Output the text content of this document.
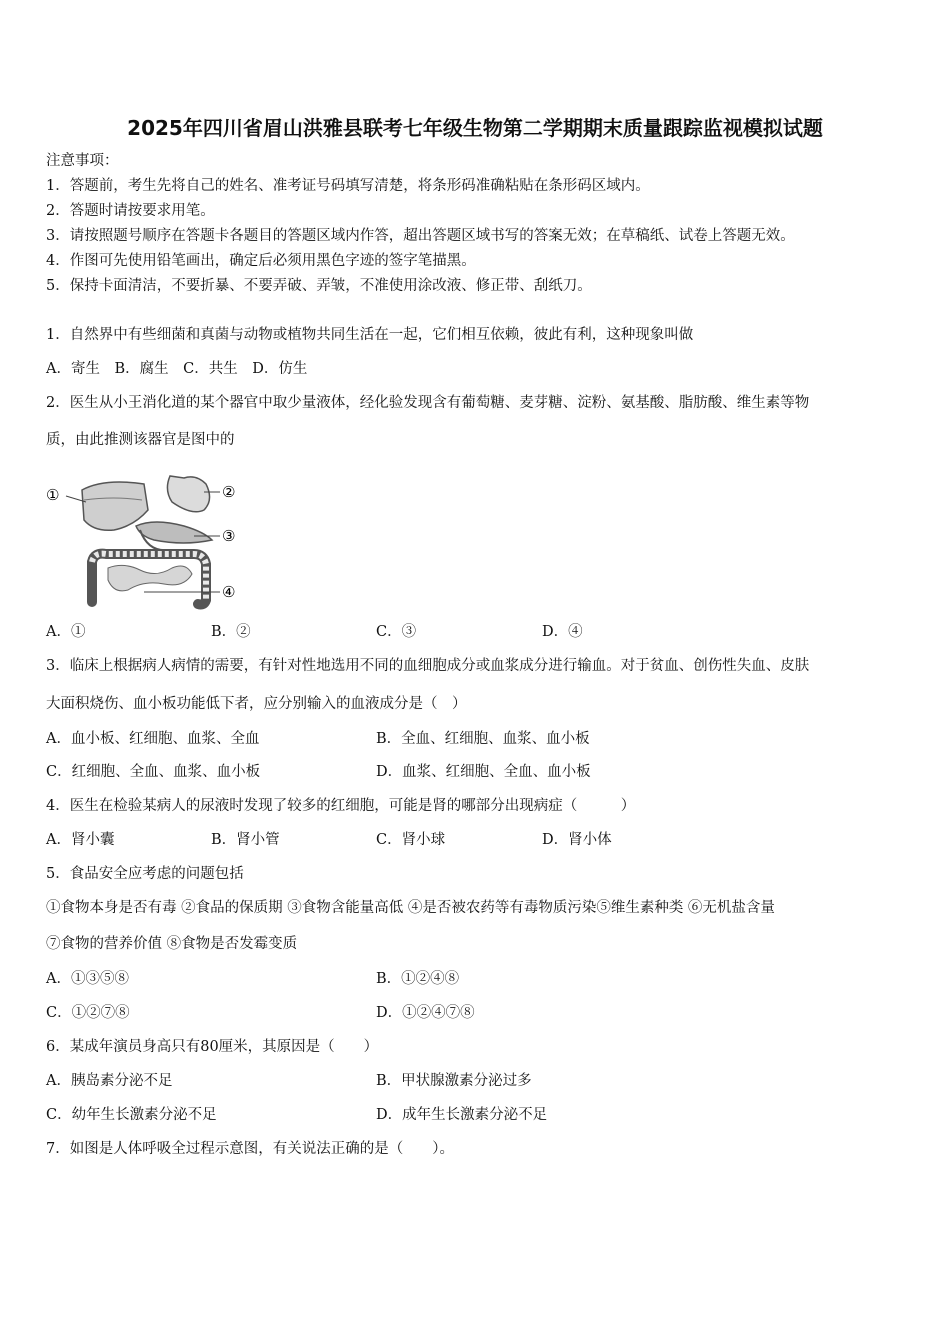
2025年四川省眉山洪雅县联考七年级生物第二学期期末质量跟踪监视模拟试题
注意事项：
1．答题前，考生先将自己的姓名、准考证号码填写清楚，将条形码准确粘贴在条形码区域内。
2．答题时请按要求用笔。
3．请按照题号顺序在答题卡各题目的答题区域内作答，超出答题区域书写的答案无效；在草稿纸、试卷上答题无效。
4．作图可先使用铅笔画出，确定后必须用黑色字迹的签字笔描黑。
5．保持卡面清洁，不要折暴、不要弄破、弄皱，不准使用涂改液、修正带、刮纸刀。
1．自然界中有些细菌和真菌与动物或植物共同生活在一起，它们相互依赖，彼此有利，这种现象叫做
A．寄生　B．腐生　C．共生　D．仿生
2．医生从小王消化道的某个器官中取少量液体，经化验发现含有葡萄糖、麦芽糖、淀粉、氨基酸、脂肪酸、维生素等物
质，由此推测该器官是图中的
①	②
③
④
A．①	B．②	C．③	D．④
3．临床上根据病人病情的需要，有针对性地选用不同的血细胞成分或血浆成分进行输血。对于贫血、创伤性失血、皮肤
大面积烧伤、血小板功能低下者，应分别输入的血液成分是（　）
A．血小板、红细胞、血浆、全血	B．全血、红细胞、血浆、血小板
C．红细胞、全血、血浆、血小板	D．血浆、红细胞、全血、血小板
4．医生在检验某病人的尿液时发现了较多的红细胞，可能是肾的哪部分出现病症（　　　）
A．肾小囊	B．肾小管	C．肾小球	D．肾小体
5．食品安全应考虑的问题包括
①食物本身是否有毒 ②食品的保质期 ③食物含能量高低 ④是否被农药等有毒物质污染⑤维生素种类 ⑥无机盐含量
⑦食物的营养价值 ⑧食物是否发霉变质
A．①③⑤⑧	B．①②④⑧
C．①②⑦⑧	D．①②④⑦⑧
6．某成年演员身高只有80厘米，其原因是（　　）
A．胰岛素分泌不足	B．甲状腺激素分泌过多
C．幼年生长激素分泌不足	D．成年生长激素分泌不足
7．如图是人体呼吸全过程示意图，有关说法正确的是（　　）。
